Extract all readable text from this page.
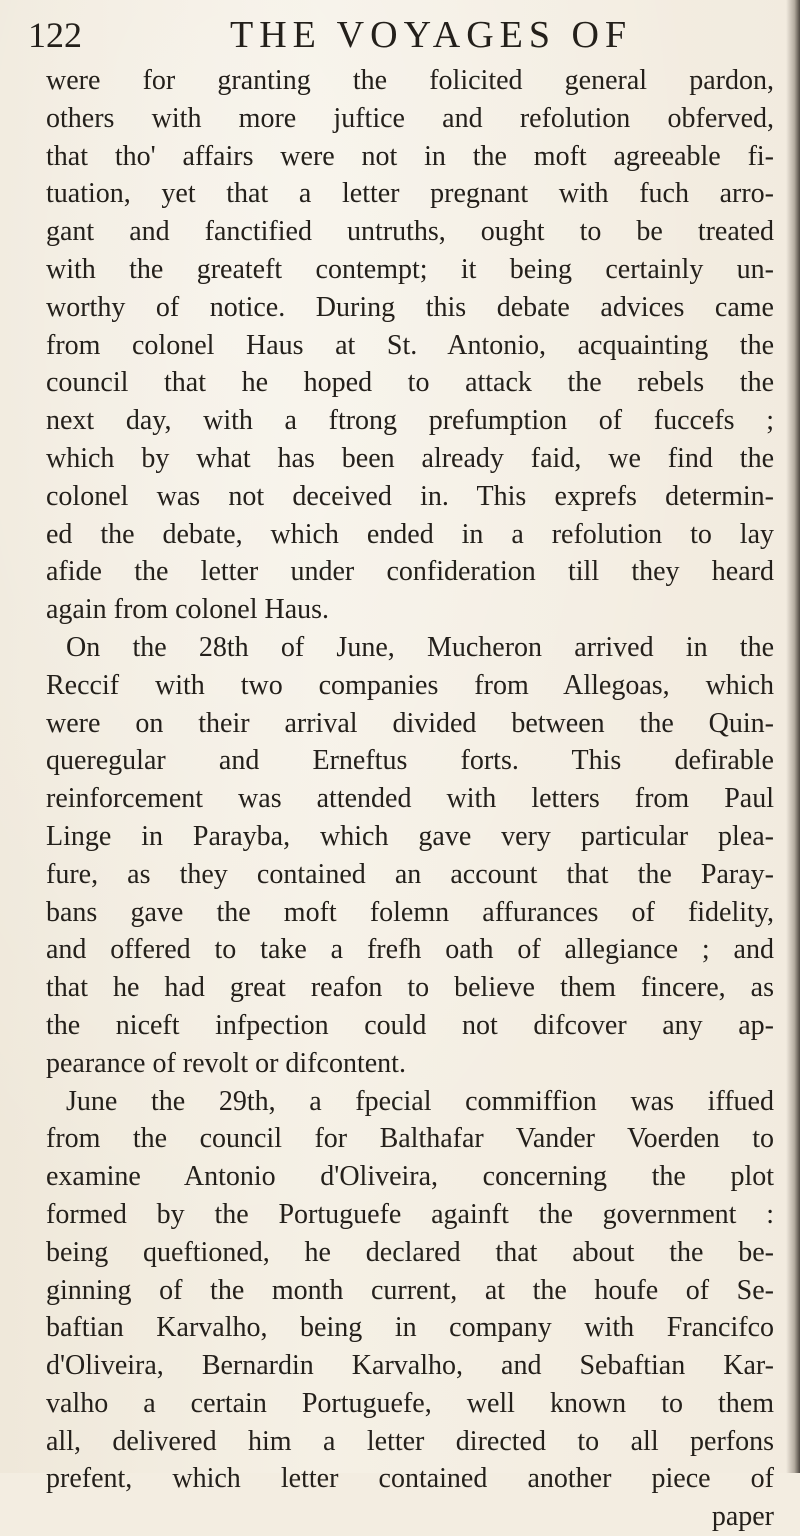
122	THE VOYAGES OF
were for granting the folicited general pardon,
others with more juftice and refolution obferved,
that tho' affairs were not in the moft agreeable fi-
tuation, yet that a letter pregnant with fuch arro-
gant and fanctified untruths, ought to be treated
with the greateft contempt; it being certainly un-
worthy of notice. During this debate advices came
from colonel Haus at St. Antonio, acquainting the
council that he hoped to attack the rebels the
next day, with a ftrong prefumption of fuccefs ;
which by what has been already faid, we find the
colonel was not deceived in. This exprefs determin-
ed the debate, which ended in a refolution to lay
afide the letter under confideration till they heard
again from colonel Haus.
On the 28th of June, Mucheron arrived in the
Reccif with two companies from Allegoas, which
were on their arrival divided between the Quin-
queregular and Erneftus forts. This defirable
reinforcement was attended with letters from Paul
Linge in Parayba, which gave very particular plea-
fure, as they contained an account that the Paray-
bans gave the moft folemn affurances of fidelity,
and offered to take a frefh oath of allegiance ; and
that he had great reafon to believe them fincere, as
the niceft infpection could not difcover any ap-
pearance of revolt or difcontent.
June the 29th, a fpecial commiffion was iffued
from the council for Balthafar Vander Voerden to
examine Antonio d'Oliveira, concerning the plot
formed by the Portuguefe againft the government :
being queftioned, he declared that about the be-
ginning of the month current, at the houfe of Se-
baftian Karvalho, being in company with Francifco
d'Oliveira, Bernardin Karvalho, and Sebaftian Kar-
valho a certain Portuguefe, well known to them
all, delivered him a letter directed to all perfons
prefent, which letter contained another piece of
paper
